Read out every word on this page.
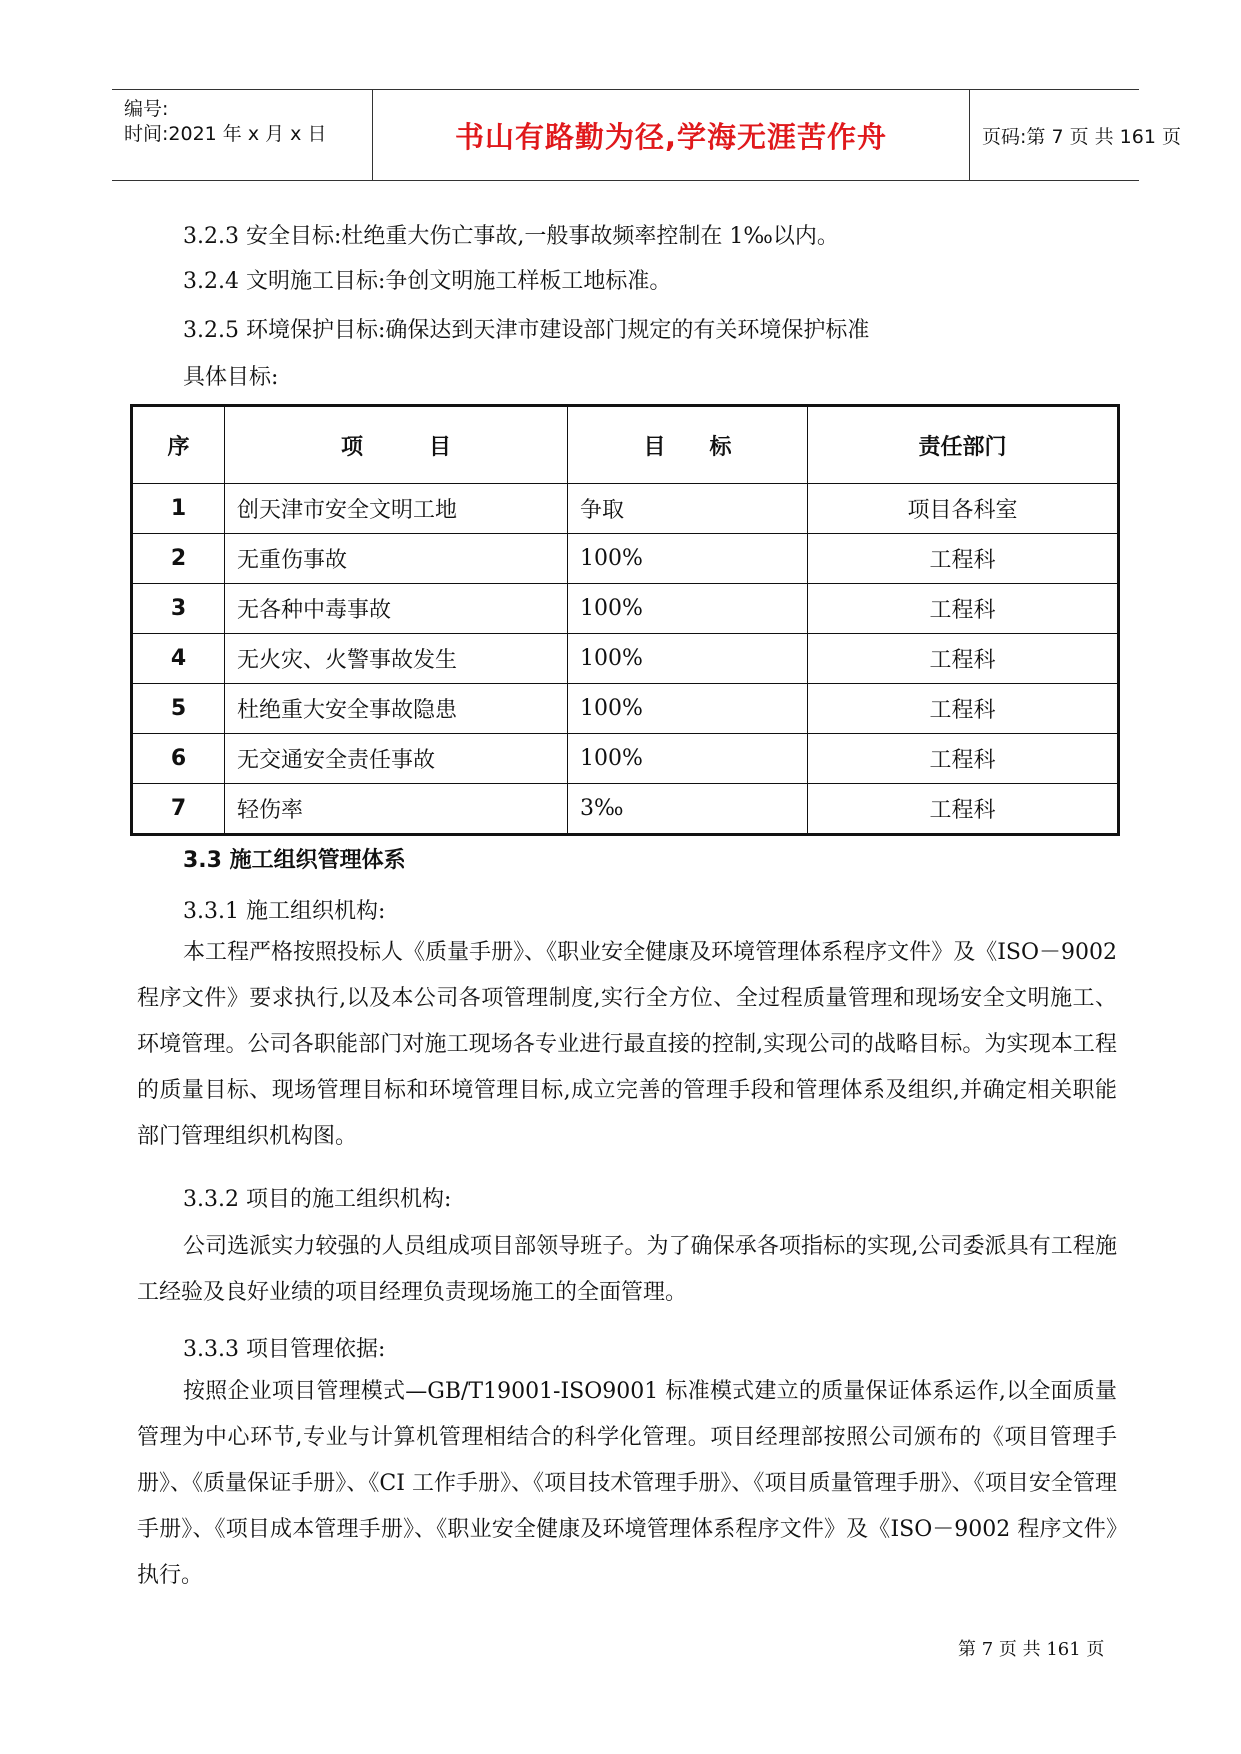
编号:
时间:2021 年 x 月 x 日	书山有路勤为径,学海无涯苦作舟	页码:第 7 页 共 161 页
3.2.3 安全目标:杜绝重大伤亡事故,一般事故频率控制在 1‰以内。
3.2.4 文明施工目标:争创文明施工样板工地标准。
3.2.5 环境保护目标:确保达到天津市建设部门规定的有关环境保护标准
具体目标:
序	项　　　目	目　　标	责任部门
1	创天津市安全文明工地	争取	项目各科室
2	无重伤事故	100%	工程科
3	无各种中毒事故	100%	工程科
4	无火灾、火警事故发生	100%	工程科
5	杜绝重大安全事故隐患	100%	工程科
6	无交通安全责任事故	100%	工程科
7	轻伤率	3‰	工程科
3.3 施工组织管理体系
3.3.1 施工组织机构:
本工程严格按照投标人《质量手册》、《职业安全健康及环境管理体系程序文件》及《ISO－9002 程序文件》要求执行,以及本公司各项管理制度,实行全方位、全过程质量管理和现场安全文明施工、环境管理。公司各职能部门对施工现场各专业进行最直接的控制,实现公司的战略目标。为实现本工程的质量目标、现场管理目标和环境管理目标,成立完善的管理手段和管理体系及组织,并确定相关职能部门管理组织机构图。
3.3.2 项目的施工组织机构:
公司选派实力较强的人员组成项目部领导班子。为了确保承各项指标的实现,公司委派具有工程施工经验及良好业绩的项目经理负责现场施工的全面管理。
3.3.3 项目管理依据:
按照企业项目管理模式—GB/T19001-ISO9001 标准模式建立的质量保证体系运作,以全面质量管理为中心环节,专业与计算机管理相结合的科学化管理。项目经理部按照公司颁布的《项目管理手册》、《质量保证手册》、《CI 工作手册》、《项目技术管理手册》、《项目质量管理手册》、《项目安全管理手册》、《项目成本管理手册》、《职业安全健康及环境管理体系程序文件》及《ISO－9002 程序文件》执行。
第 7 页 共 161 页
